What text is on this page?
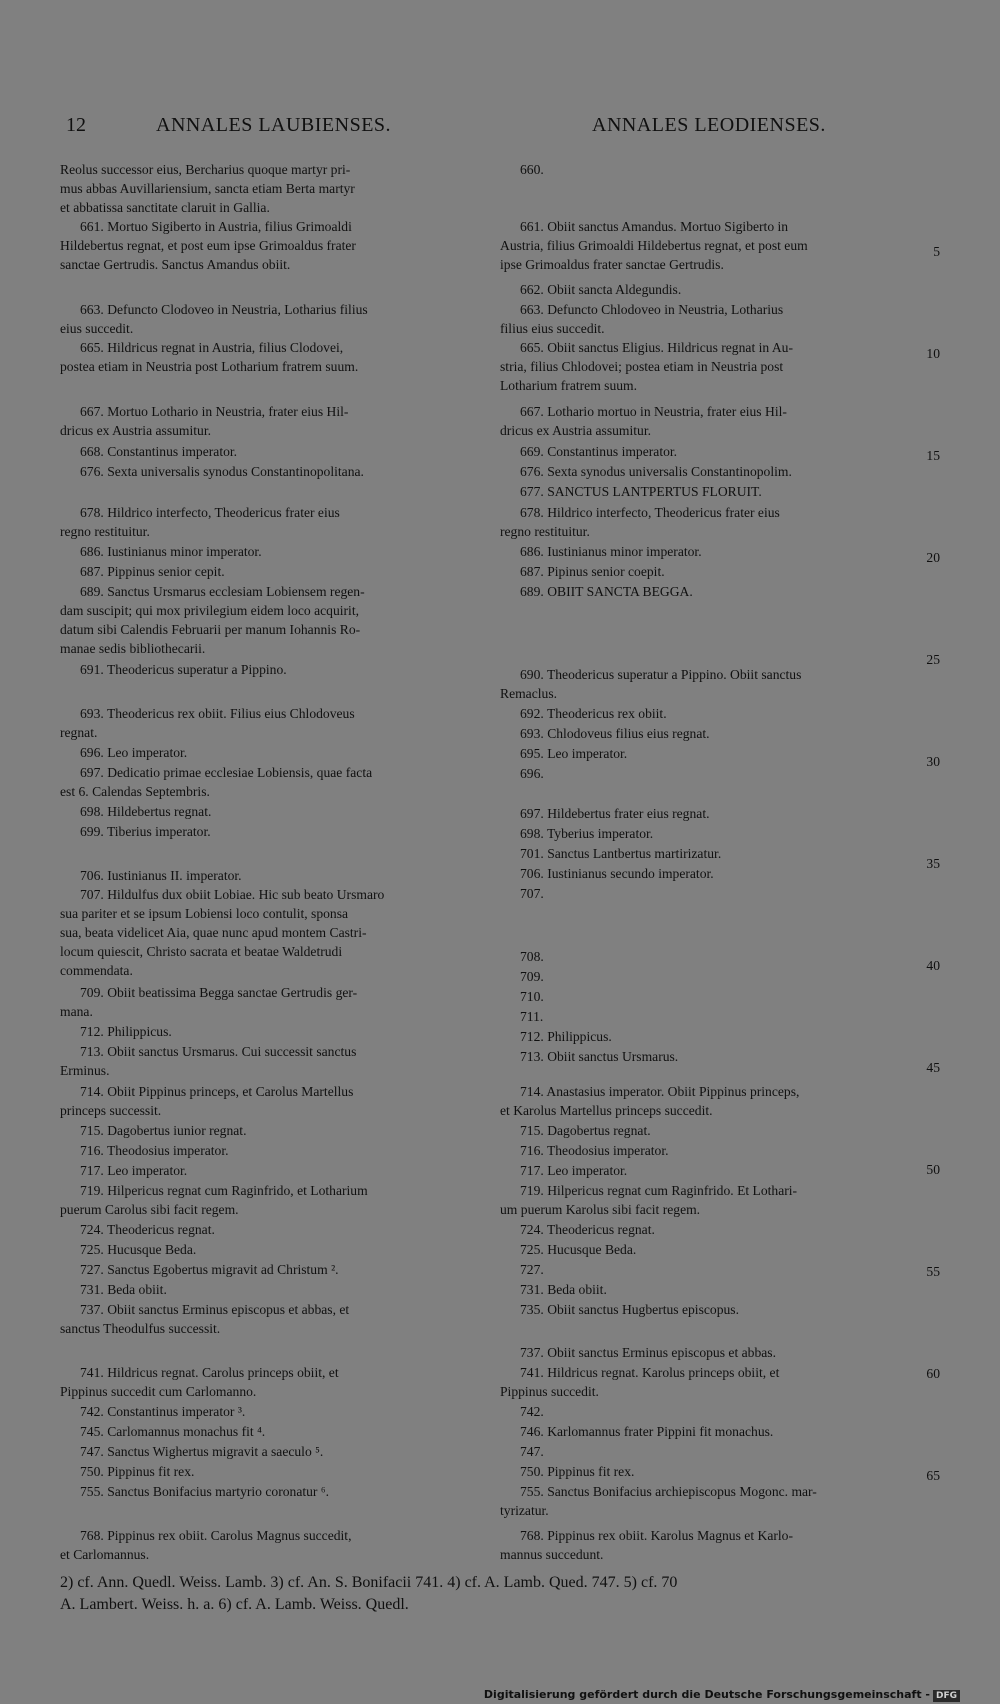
12	ANNALES LAUBIENSES.	ANNALES LEODIENSES.
Reolus successor eius, Bercharius quoque martyr pri-
mus abbas Auvillariensium, sancta etiam Berta martyr
et abbatissa sanctitate claruit in Gallia.
661. Mortuo Sigiberto in Austria, filius Grimoaldi
Hildebertus regnat, et post eum ipse Grimoaldus frater
sanctae Gertrudis. Sanctus Amandus obiit.
663. Defuncto Clodoveo in Neustria, Lotharius filius
eius succedit.
665. Hildricus regnat in Austria, filius Clodovei,
postea etiam in Neustria post Lotharium fratrem suum.
667. Mortuo Lothario in Neustria, frater eius Hil-
dricus ex Austria assumitur.
668. Constantinus imperator.
676. Sexta universalis synodus Constantinopolitana.
678. Hildrico interfecto, Theodericus frater eius
regno restituitur.
686. Iustinianus minor imperator.
687. Pippinus senior cepit.
689. Sanctus Ursmarus ecclesiam Lobiensem regen-
dam suscipit; qui mox privilegium eidem loco acquirit,
datum sibi Calendis Februarii per manum Iohannis Ro-
manae sedis bibliothecarii.
691. Theodericus superatur a Pippino.
693. Theodericus rex obiit. Filius eius Chlodoveus
regnat.
696. Leo imperator.
697. Dedicatio primae ecclesiae Lobiensis, quae facta
est 6. Calendas Septembris.
698. Hildebertus regnat.
699. Tiberius imperator.
706. Iustinianus II. imperator.
707. Hildulfus dux obiit Lobiae. Hic sub beato Ursmaro
sua pariter et se ipsum Lobiensi loco contulit, sponsa
sua, beata videlicet Aia, quae nunc apud montem Castri-
locum quiescit, Christo sacrata et beatae Waldetrudi
commendata.
709. Obiit beatissima Begga sanctae Gertrudis ger-
mana.
712. Philippicus.
713. Obiit sanctus Ursmarus. Cui successit sanctus
Erminus.
714. Obiit Pippinus princeps, et Carolus Martellus
princeps successit.
715. Dagobertus iunior regnat.
716. Theodosius imperator.
717. Leo imperator.
719. Hilpericus regnat cum Raginfrido, et Lotharium
puerum Carolus sibi facit regem.
724. Theodericus regnat.
725. Hucusque Beda.
727. Sanctus Egobertus migravit ad Christum ².
731. Beda obiit.
737. Obiit sanctus Erminus episcopus et abbas, et
sanctus Theodulfus successit.
741. Hildricus regnat. Carolus princeps obiit, et
Pippinus succedit cum Carlomanno.
742. Constantinus imperator ³.
745. Carlomannus monachus fit ⁴.
747. Sanctus Wighertus migravit a saeculo ⁵.
750. Pippinus fit rex.
755. Sanctus Bonifacius martyrio coronatur ⁶.
768. Pippinus rex obiit. Carolus Magnus succedit,
et Carlomannus.
660.
661. Obiit sanctus Amandus. Mortuo Sigiberto in
Austria, filius Grimoaldi Hildebertus regnat, et post eum
ipse Grimoaldus frater sanctae Gertrudis.
662. Obiit sancta Aldegundis.
663. Defuncto Chlodoveo in Neustria, Lotharius
filius eius succedit.
665. Obiit sanctus Eligius. Hildricus regnat in Au-
stria, filius Chlodovei; postea etiam in Neustria post
Lotharium fratrem suum.
667. Lothario mortuo in Neustria, frater eius Hil-
dricus ex Austria assumitur.
669. Constantinus imperator.
676. Sexta synodus universalis Constantinopolim.
677. SANCTUS LANTPERTUS FLORUIT.
678. Hildrico interfecto, Theodericus frater eius
regno restituitur.
686. Iustinianus minor imperator.
687. Pipinus senior coepit.
689. OBIIT SANCTA BEGGA.
690. Theodericus superatur a Pippino. Obiit sanctus
Remaclus.
692. Theodericus rex obiit.
693. Chlodoveus filius eius regnat.
695. Leo imperator.
696.
697. Hildebertus frater eius regnat.
698. Tyberius imperator.
701. Sanctus Lantbertus martirizatur.
706. Iustinianus secundo imperator.
707.
708.
709.
710.
711.
712. Philippicus.
713. Obiit sanctus Ursmarus.
714. Anastasius imperator. Obiit Pippinus princeps,
et Karolus Martellus princeps succedit.
715. Dagobertus regnat.
716. Theodosius imperator.
717. Leo imperator.
719. Hilpericus regnat cum Raginfrido. Et Lothari-
um puerum Karolus sibi facit regem.
724. Theodericus regnat.
725. Hucusque Beda.
727.
731. Beda obiit.
735. Obiit sanctus Hugbertus episcopus.
737. Obiit sanctus Erminus episcopus et abbas.
741. Hildricus regnat. Karolus princeps obiit, et
Pippinus succedit.
742.
746. Karlomannus frater Pippini fit monachus.
747.
750. Pippinus fit rex.
755. Sanctus Bonifacius archiepiscopus Mogonc. mar-
tyrizatur.
768. Pippinus rex obiit. Karolus Magnus et Karlo-
mannus succedunt.
5
10
15
20
25
30
35
40
45
50
55
60
65
2) cf. Ann. Quedl. Weiss. Lamb. 3) cf. An. S. Bonifacii 741. 4) cf. A. Lamb. Qued. 747. 5) cf. 70
A. Lambert. Weiss. h. a. 6) cf. A. Lamb. Weiss. Quedl.
Digitalisierung gefördert durch die Deutsche Forschungsgemeinschaft - DFG
